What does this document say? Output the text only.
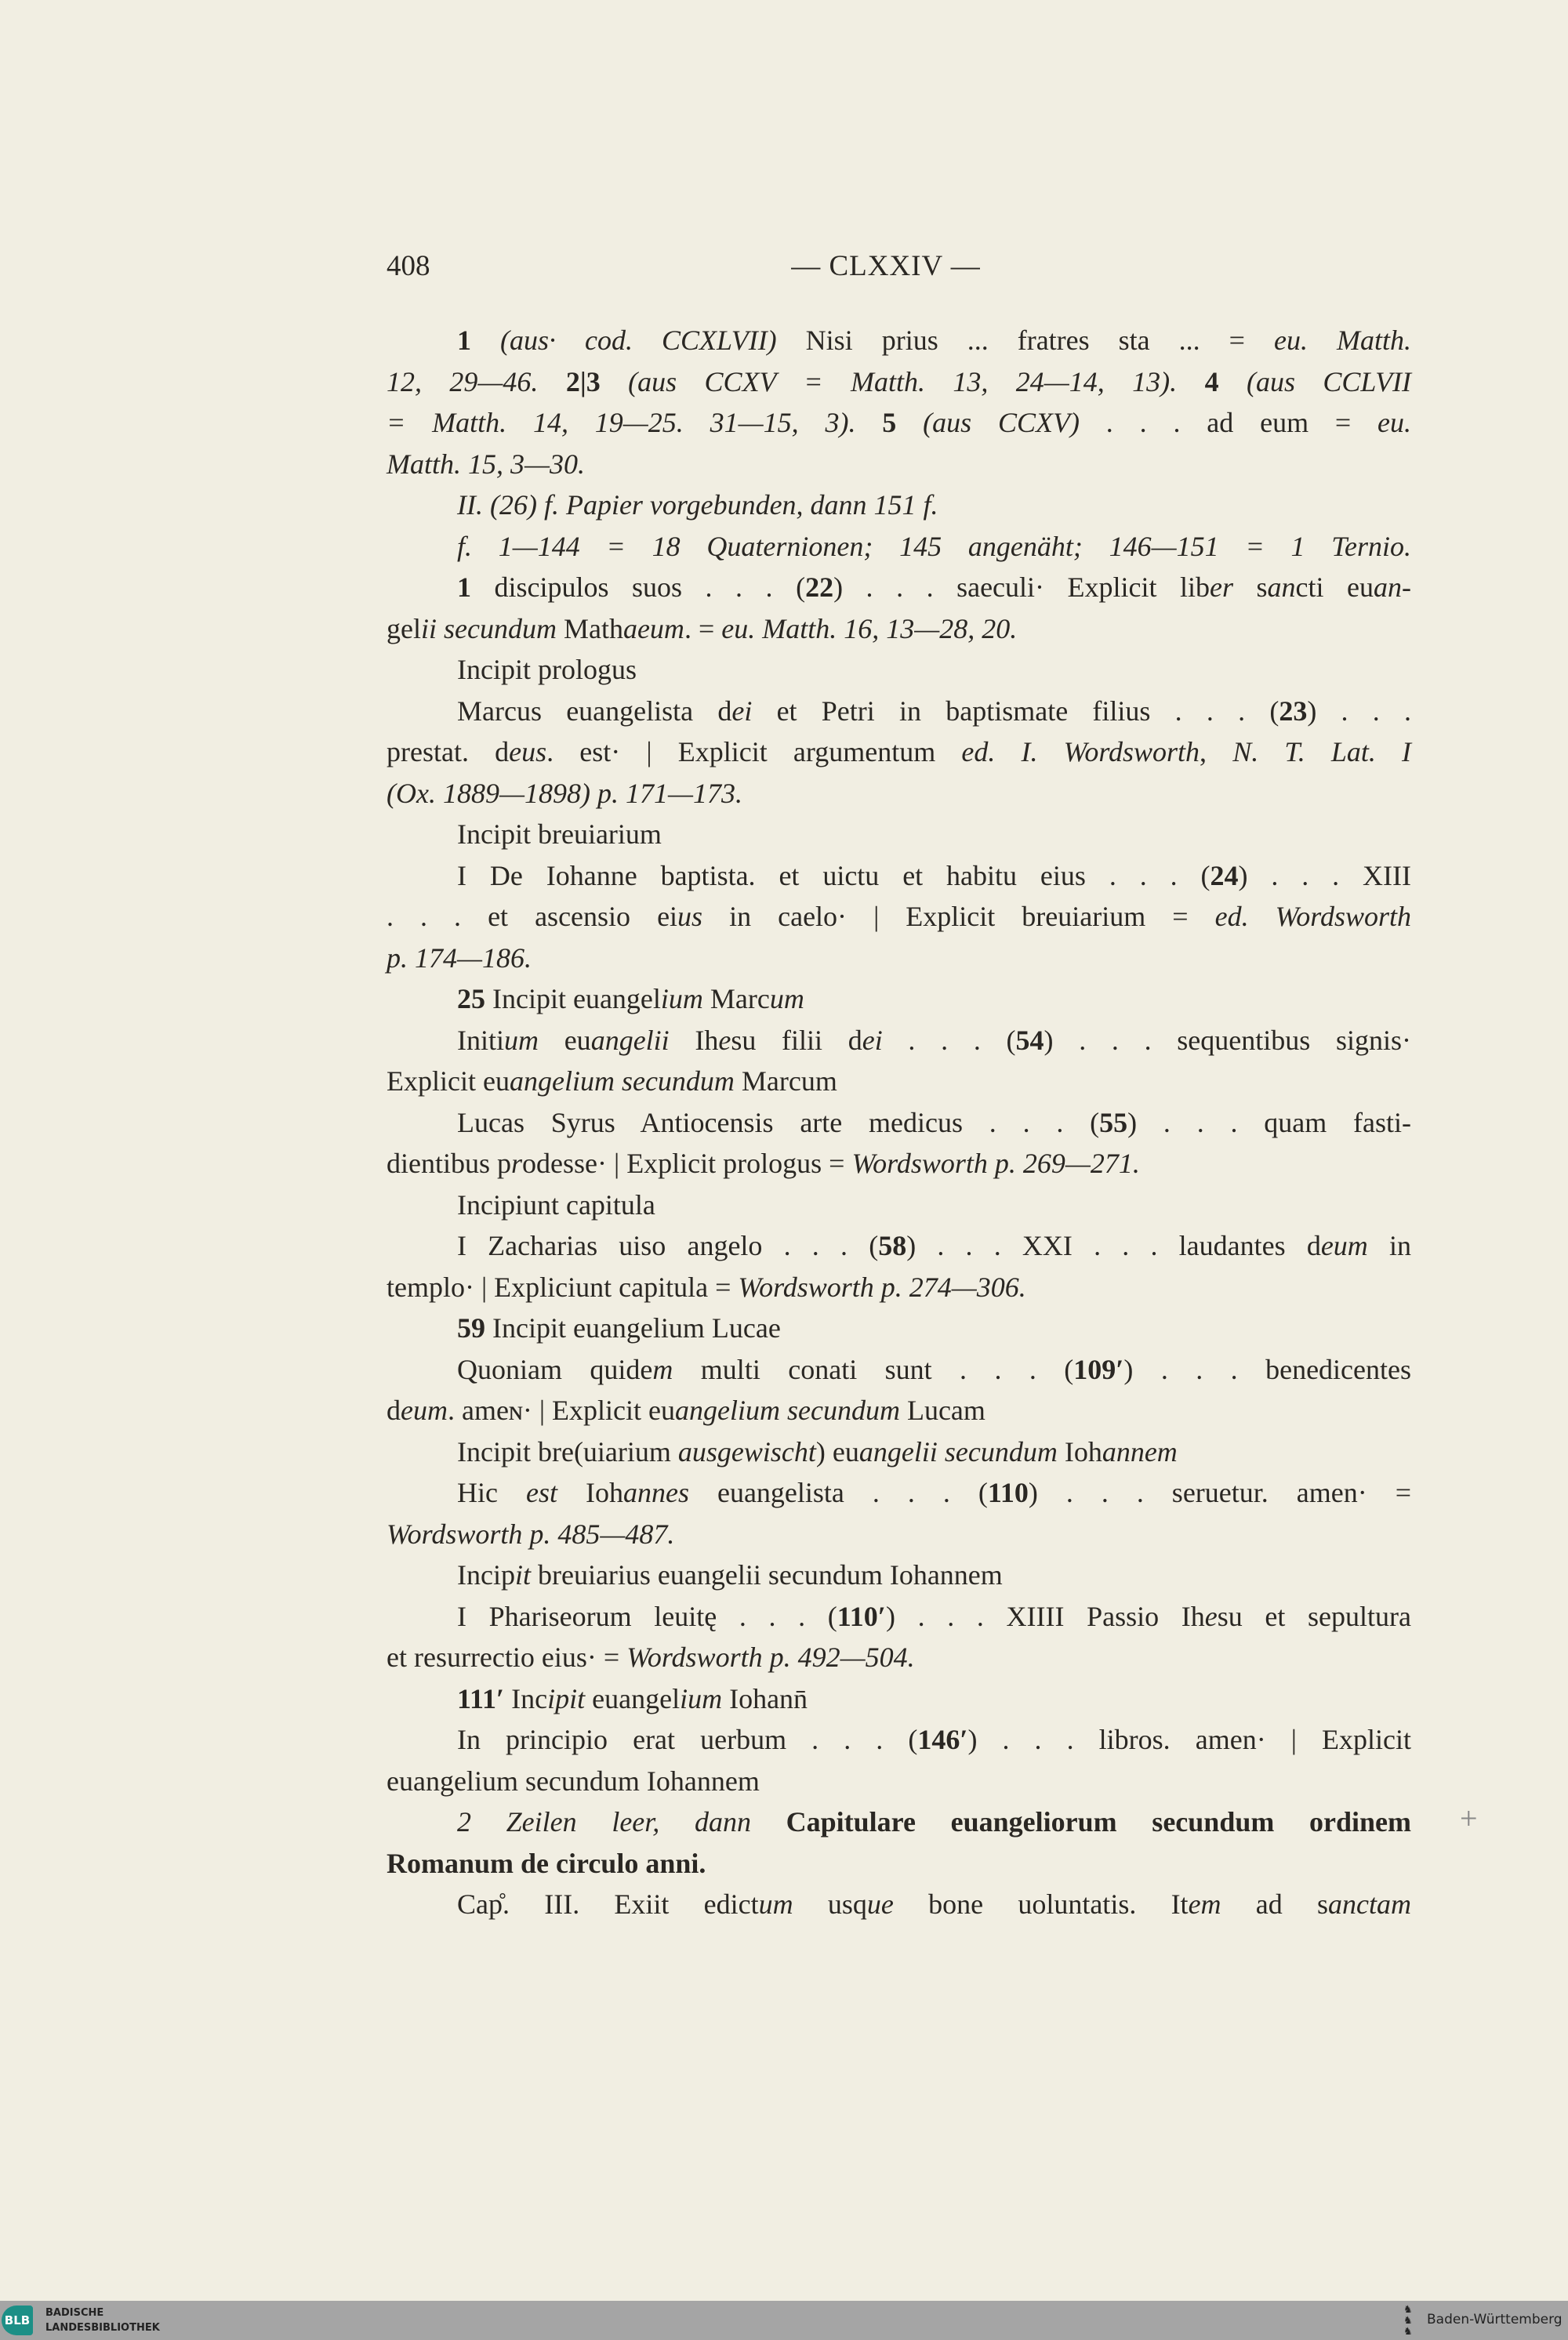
408	— CLXXIV —
1 (aus· cod. CCXLVII) Nisi prius ... fratres sta ... = eu. Matth.
12, 29—46. 2|3 (aus CCXV = Matth. 13, 24—14, 13). 4 (aus CCLVII
= Matth. 14, 19—25. 31—15, 3). 5 (aus CCXV) . . . ad eum = eu.
Matth. 15, 3—30.
II. (26) f. Papier vorgebunden, dann 151 f.
f. 1—144 = 18 Quaternionen; 145 angenäht; 146—151 = 1 Ternio.
1 discipulos suos . . . (22) . . . saeculi· Explicit liber sancti euan-
gelii secundum Mathaeum. = eu. Matth. 16, 13—28, 20.
Incipit prologus
Marcus euangelista dei et Petri in baptismate filius . . . (23) . . .
prestat. deus. est· | Explicit argumentum ed. I. Wordsworth, N. T. Lat. I
(Ox. 1889—1898) p. 171—173.
Incipit breuiarium
I De Iohanne baptista. et uictu et habitu eius . . . (24) . . . XIII
. . . et ascensio eius in caelo· | Explicit breuiarium = ed. Wordsworth
p. 174—186.
25 Incipit euangelium Marcum
Initium euangelii Ihesu filii dei . . . (54) . . . sequentibus signis·
Explicit euangelium secundum Marcum
Lucas Syrus Antiocensis arte medicus . . . (55) . . . quam fasti-
dientibus prodesse· | Explicit prologus = Wordsworth p. 269—271.
Incipiunt capitula
I Zacharias uiso angelo . . . (58) . . . XXI . . . laudantes deum in
templo· | Expliciunt capitula = Wordsworth p. 274—306.
59 Incipit euangelium Lucae
Quoniam quidem multi conati sunt . . . (109′) . . . benedicentes
deum. ameɴ· | Explicit euangelium secundum Lucam
Incipit bre(uiarium ausgewischt) euangelii secundum Iohannem
Hic est Iohannes euangelista . . . (110) . . . seruetur. amen· =
Wordsworth p. 485—487.
Incipit breuiarius euangelii secundum Iohannem
I Phariseorum leuitę . . . (110′) . . . XIIII Passio Ihesu et sepultura
et resurrectio eius· = Wordsworth p. 492—504.
111′ Incipit euangelium Iohann̄
In principio erat uerbum . . . (146′) . . . libros. amen· | Explicit
euangelium secundum Iohannem
2 Zeilen leer, dann Capitulare euangeliorum secundum ordinem
Romanum de circulo anni.
Cap̊. III. Exiit edictum usque bone uoluntatis. Item ad sanctam
+
BLB
BADISCHE
LANDESBIBLIOTHEK
♞
♞
♞
Baden-Württemberg
